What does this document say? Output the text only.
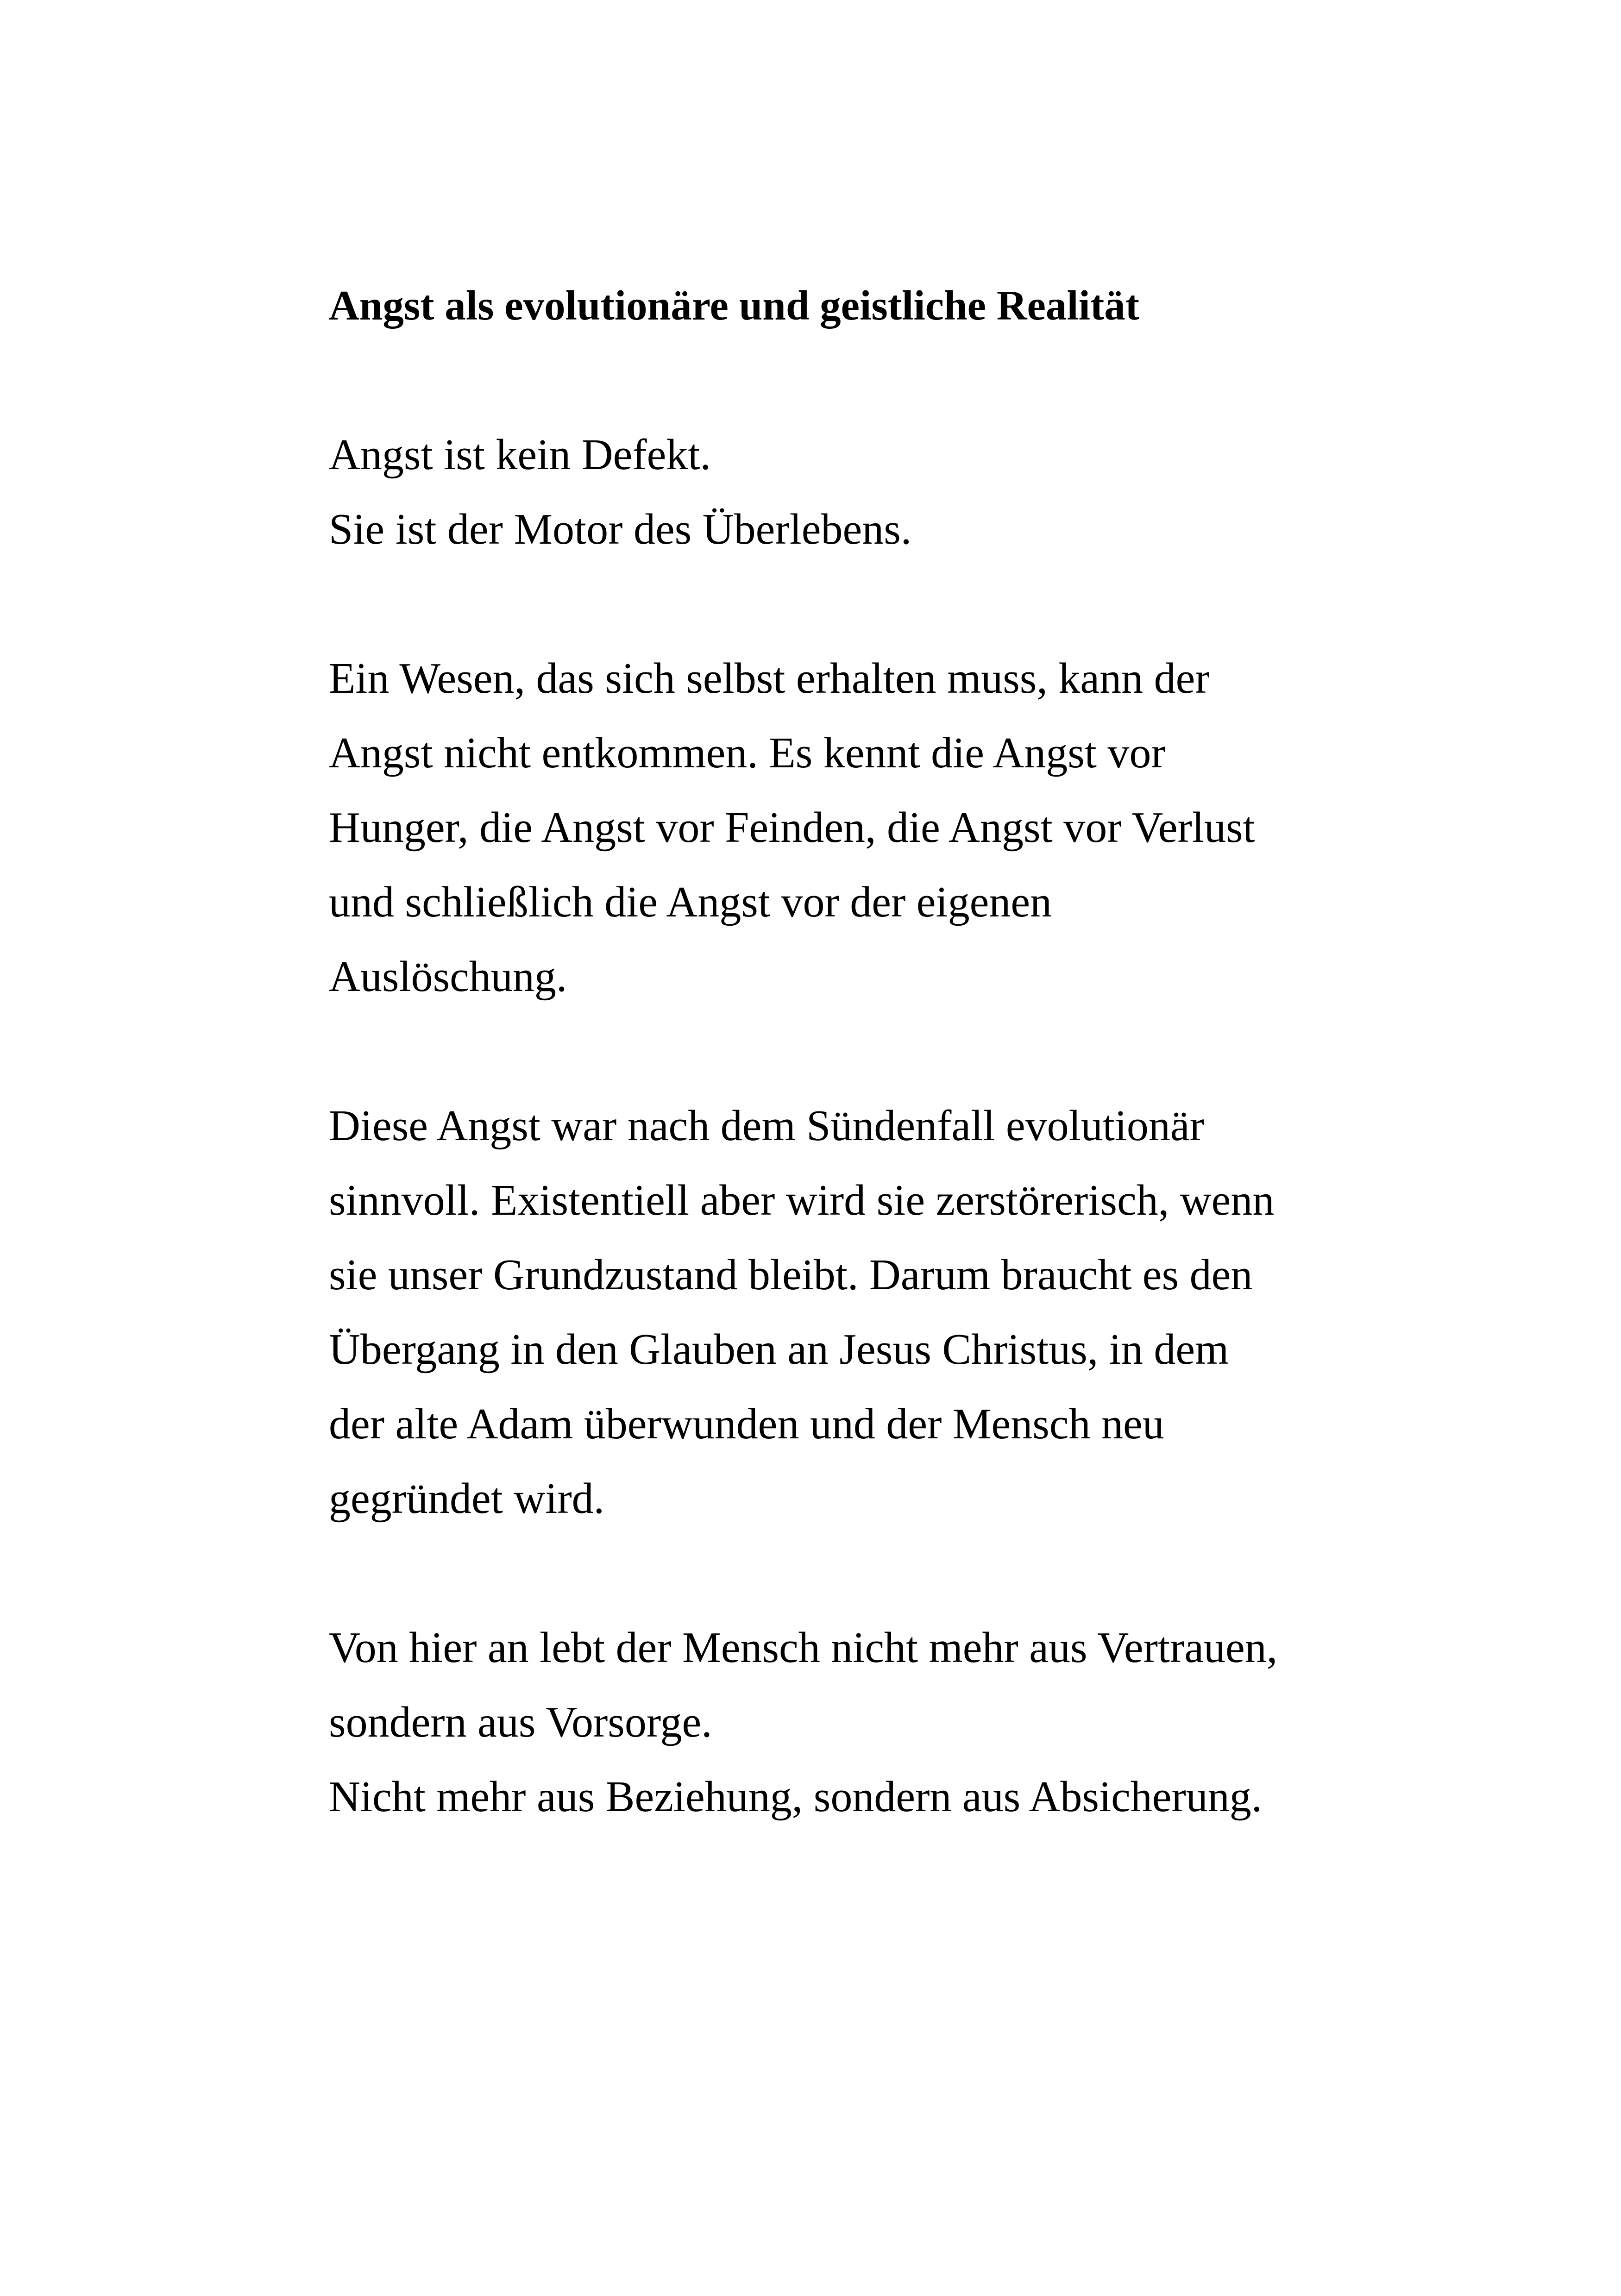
Angst als evolutionäre und geistliche Realität

Angst ist kein Defekt.
Sie ist der Motor des Überlebens.

Ein Wesen, das sich selbst erhalten muss, kann der
Angst nicht entkommen. Es kennt die Angst vor
Hunger, die Angst vor Feinden, die Angst vor Verlust
und schließlich die Angst vor der eigenen
Auslöschung.

Diese Angst war nach dem Sündenfall evolutionär
sinnvoll. Existentiell aber wird sie zerstörerisch, wenn
sie unser Grundzustand bleibt. Darum braucht es den
Übergang in den Glauben an Jesus Christus, in dem
der alte Adam überwunden und der Mensch neu
gegründet wird.

Von hier an lebt der Mensch nicht mehr aus Vertrauen,
sondern aus Vorsorge.
Nicht mehr aus Beziehung, sondern aus Absicherung.
